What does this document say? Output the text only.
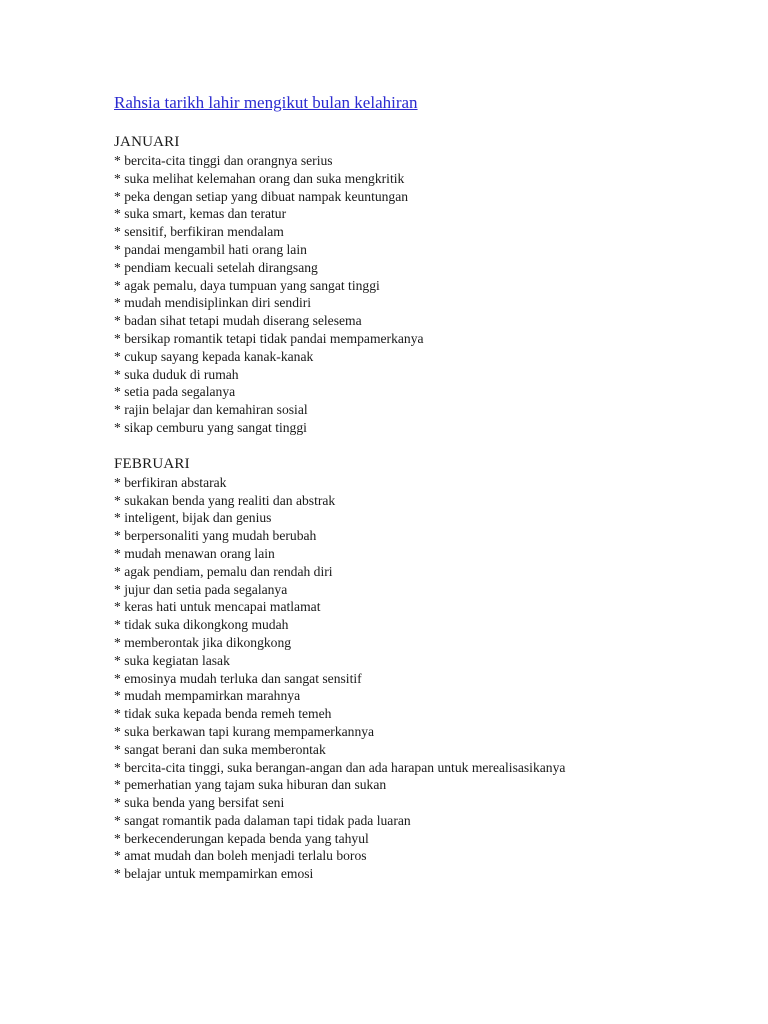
Rahsia tarikh lahir mengikut bulan kelahiran
JANUARI
* bercita-cita tinggi dan orangnya serius
* suka melihat kelemahan orang dan suka mengkritik
* peka dengan setiap yang dibuat nampak keuntungan
* suka smart, kemas dan teratur
* sensitif, berfikiran mendalam
* pandai mengambil hati orang lain
* pendiam kecuali setelah dirangsang
* agak pemalu, daya tumpuan yang sangat tinggi
* mudah mendisiplinkan diri sendiri
* badan sihat tetapi mudah diserang selesema
* bersikap romantik tetapi tidak pandai mempamerkanya
* cukup sayang kepada kanak-kanak
* suka duduk di rumah
* setia pada segalanya
* rajin belajar dan kemahiran sosial
* sikap cemburu yang sangat tinggi
FEBRUARI
* berfikiran abstarak
* sukakan benda yang realiti dan abstrak
* inteligent, bijak dan genius
* berpersonaliti yang mudah berubah
* mudah menawan orang lain
* agak pendiam, pemalu dan rendah diri
* jujur dan setia pada segalanya
* keras hati untuk mencapai matlamat
* tidak suka dikongkong mudah
* memberontak jika dikongkong
* suka kegiatan lasak
* emosinya mudah terluka dan sangat sensitif
* mudah mempamirkan marahnya
* tidak suka kepada benda remeh temeh
* suka berkawan tapi kurang mempamerkannya
* sangat berani dan suka memberontak
* bercita-cita tinggi, suka berangan-angan dan ada harapan untuk merealisasikanya
* pemerhatian yang tajam suka hiburan dan sukan
* suka benda yang bersifat seni
* sangat romantik pada dalaman tapi tidak pada luaran
* berkecenderungan kepada benda yang tahyul
* amat mudah dan boleh menjadi terlalu boros
* belajar untuk mempamirkan emosi
